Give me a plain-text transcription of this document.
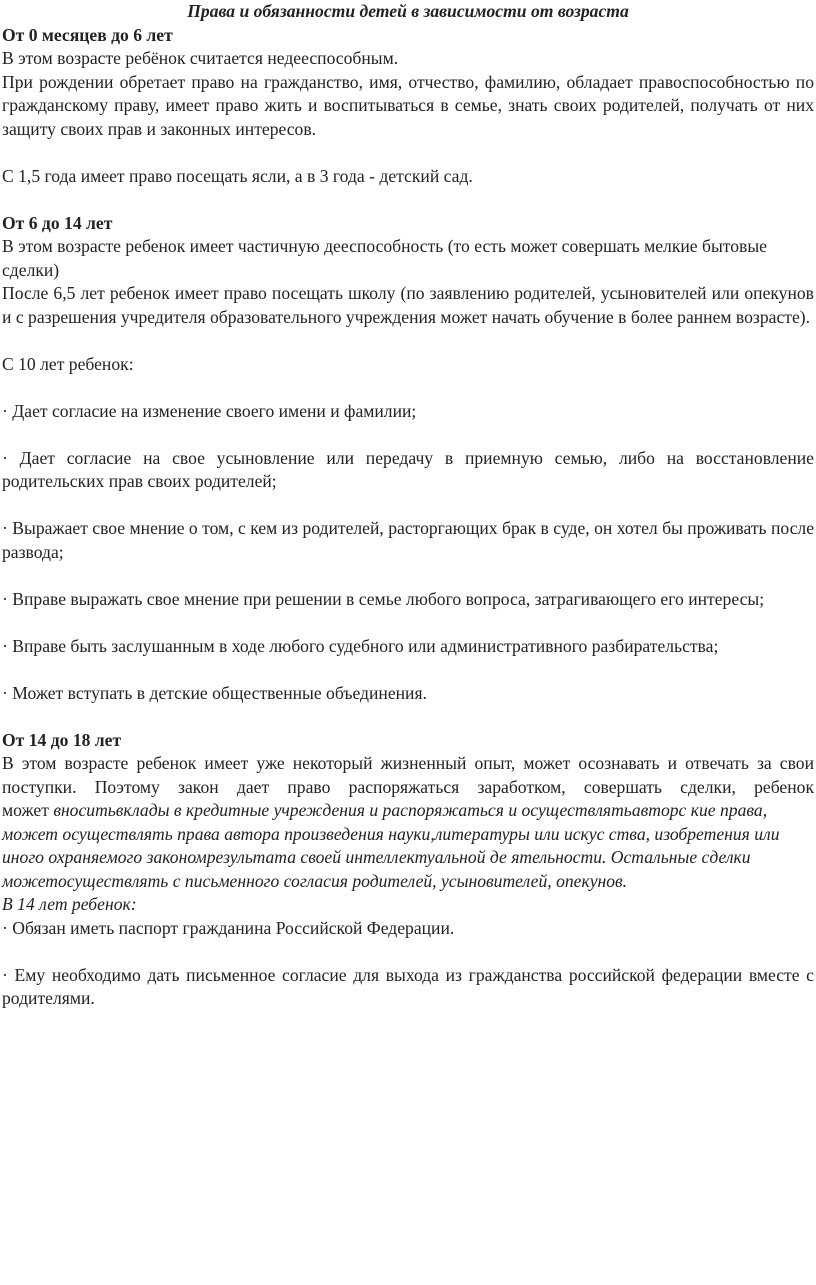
Права и обязанности детей в зависимости от возраста

От 0 месяцев до 6 лет

В этом возрасте ребёнок считается недееспособным.

При рождении обретает право на гражданство, имя, отчество, фамилию, обладает правоспособностью по гражданскому праву, имеет право жить и воспитываться в семье, знать своих родителей, получать от них защиту своих прав и законных интересов.

С 1,5 года имеет право посещать ясли, а в 3 года - детский сад.

От 6 до 14 лет

В этом возрасте ребенок имеет частичную дееспособность (то есть может совершать мелкие бытовые сделки)

После 6,5 лет ребенок имеет право посещать школу (по заявлению родителей, усыновителей или опекунов и с разрешения учредителя образовательного учреждения может начать обучение в более раннем возрасте).

С 10 лет ребенок:

· Дает согласие на изменение своего имени и фамилии;

· Дает согласие на свое усыновление или передачу в приемную семью, либо на восстановление родительских прав своих родителей;

· Выражает свое мнение о том, с кем из родителей, расторгающих брак в суде, он хотел бы проживать после развода;

· Вправе выражать свое мнение при решении в семье любого вопроса, затрагивающего его интересы;

· Вправе быть заслушанным в ходе любого судебного или административного разбирательства;

· Может вступать в детские общественные объединения.

От 14 до 18 лет

В этом возрасте ребенок имеет уже некоторый жизненный опыт, может осознавать и отвечать за свои поступки. Поэтому закон дает право распоряжаться заработком, совершать сделки, ребенок

может вноситьвклады в кредитные учреждения и распоряжаться и осуществлятьавторс кие права, может осуществлять права автора произведения науки,литературы или искус ства, изобретения или иного охраняемого закономрезультата своей интеллектуальной де ятельности. Остальные сделки можетосуществлять с письменного согласия родителей, усыновителей, опекунов.

В 14 лет ребенок:

· Обязан иметь паспорт гражданина Российской Федерации.

· Ему необходимо дать письменное согласие для выхода из гражданства российской федерации вместе с родителями.
